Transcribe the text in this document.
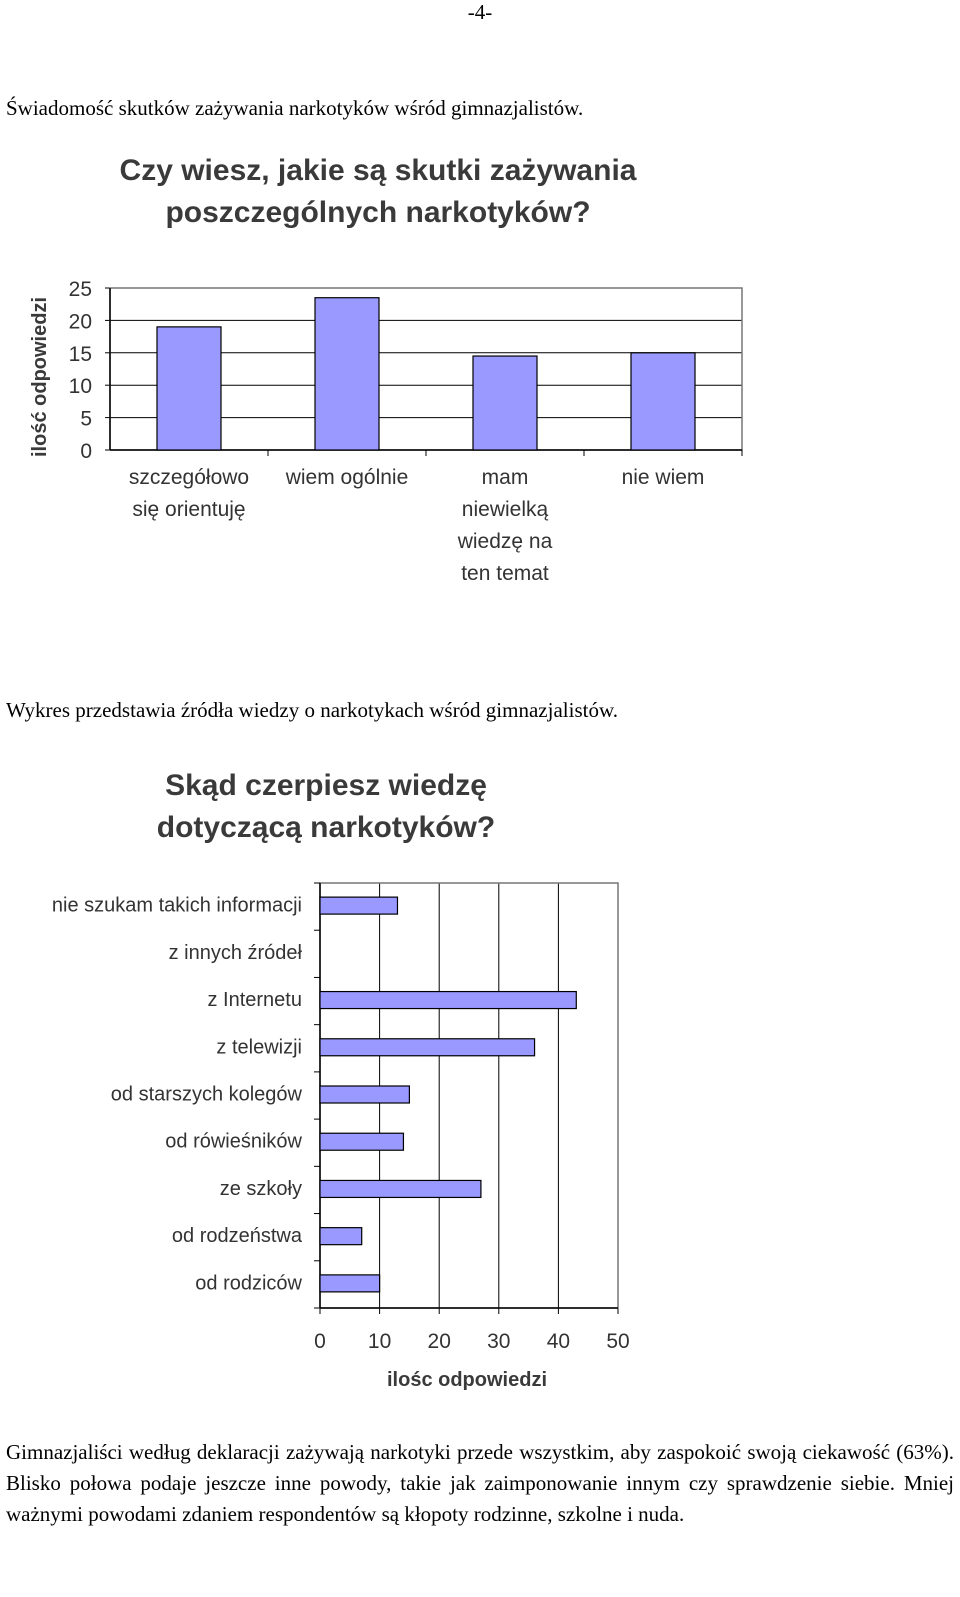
-4-
Świadomość skutków zażywania narkotyków wśród gimnazjalistów.
Czy wiesz, jakie są skutki zażywania
poszczególnych narkotyków?
0
5
10
15
20
25
ilość odpowiedzi
szczegółowo
się orientuję
wiem ogólnie	mam
niewielką
wiedzę na
ten temat
nie wiem
Wykres przedstawia źródła wiedzy o narkotykach wśród gimnazjalistów.
Skąd czerpiesz wiedzę
dotyczącą narkotyków?
0 10 20 30 40 50
ilośc odpowiedzi
nie szukam takich informacji
z innych źródeł
z Internetu
z telewizji
od starszych kolegów
od rówieśników
ze szkoły
od rodzeństwa
od rodziców
Gimnazjaliści według deklaracji zażywają narkotyki przede wszystkim, aby zaspokoić swoją ciekawość (63%). Blisko połowa podaje jeszcze inne powody, takie jak zaimponowanie innym czy sprawdzenie siebie. Mniej ważnymi powodami zdaniem respondentów są kłopoty rodzinne, szkolne i nuda.
